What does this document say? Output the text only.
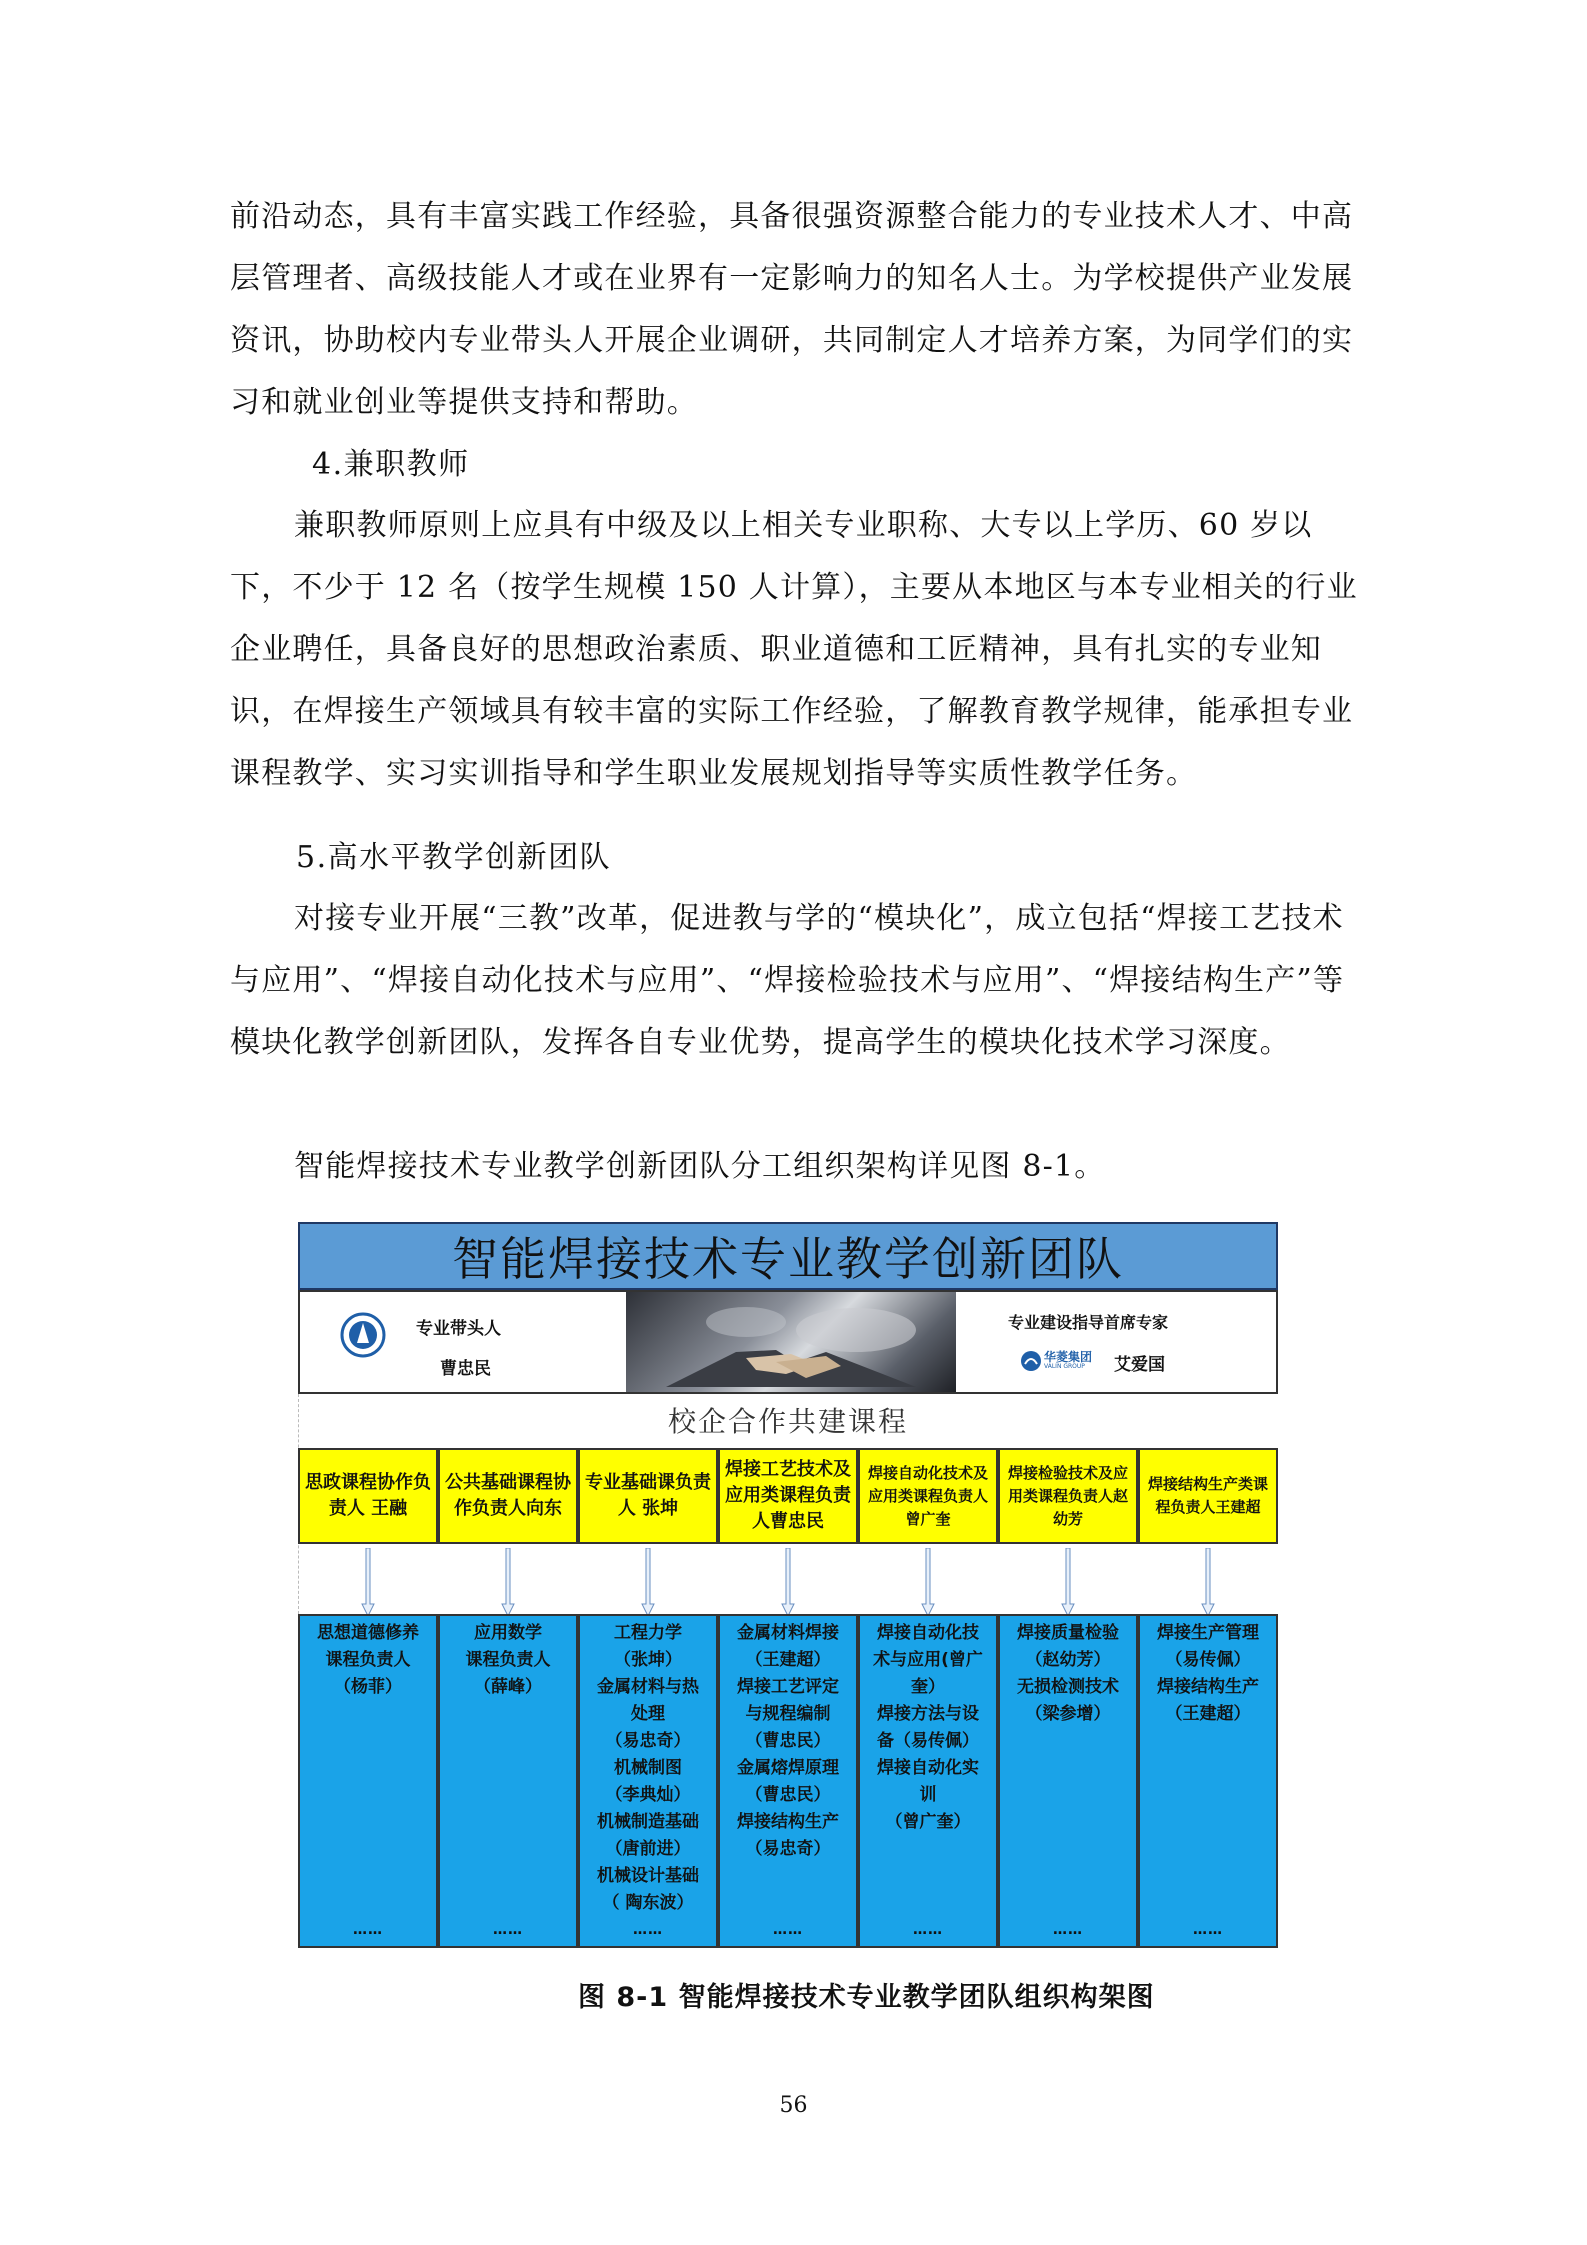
前沿动态，具有丰富实践工作经验，具备很强资源整合能力的专业技术人才、中高层管理者、高级技能人才或在业界有一定影响力的知名人士。为学校提供产业发展资讯，协助校内专业带头人开展企业调研，共同制定人才培养方案，为同学们的实习和就业创业等提供支持和帮助。

4.兼职教师

兼职教师原则上应具有中级及以上相关专业职称、大专以上学历、60 岁以下，不少于 12 名（按学生规模 150 人计算），主要从本地区与本专业相关的行业企业聘任，具备良好的思想政治素质、职业道德和工匠精神，具有扎实的专业知识，在焊接生产领域具有较丰富的实际工作经验，了解教育教学规律，能承担专业课程教学、实习实训指导和学生职业发展规划指导等实质性教学任务。

5.高水平教学创新团队

对接专业开展“三教”改革，促进教与学的“模块化”，成立包括“焊接工艺技术与应用”、“焊接自动化技术与应用”、“焊接检验技术与应用”、“焊接结构生产”等模块化教学创新团队，发挥各自专业优势，提高学生的模块化技术学习深度。

智能焊接技术专业教学创新团队分工组织架构详见图 8-1。

智能焊接技术专业教学创新团队
专业带头人
曹忠民
专业建设指导首席专家
华菱集团
VALIN GROUP 艾爱国
校企合作共建课程
思政课程协作负责人 王融
公共基础课程协作负责人向东
专业基础课负责人 张坤
焊接工艺技术及应用类课程负责人曹忠民
焊接自动化技术及应用类课程负责人曾广奎
焊接检验技术及应用类课程负责人赵幼芳
焊接结构生产类课程负责人王建超
思想道德修养
课程负责人
（杨菲）
……
应用数学
课程负责人
（薛峰）
……
工程力学
（张坤）
金属材料与热
处理
（易忠奇）
机械制图
（李典灿）
机械制造基础
（唐前进）
机械设计基础
（ 陶东波）
……
金属材料焊接
（王建超）
焊接工艺评定
与规程编制
（曹忠民）
金属熔焊原理
（曹忠民）
焊接结构生产
（易忠奇）
……
焊接自动化技
术与应用(曾广
奎）
焊接方法与设
备（易传佩）
焊接自动化实
训
（曾广奎）
……
焊接质量检验
（赵幼芳）
无损检测技术
（梁参增）
……
焊接生产管理
（易传佩）
焊接结构生产
（王建超）
……
图 8-1 智能焊接技术专业教学团队组织构架图
56
